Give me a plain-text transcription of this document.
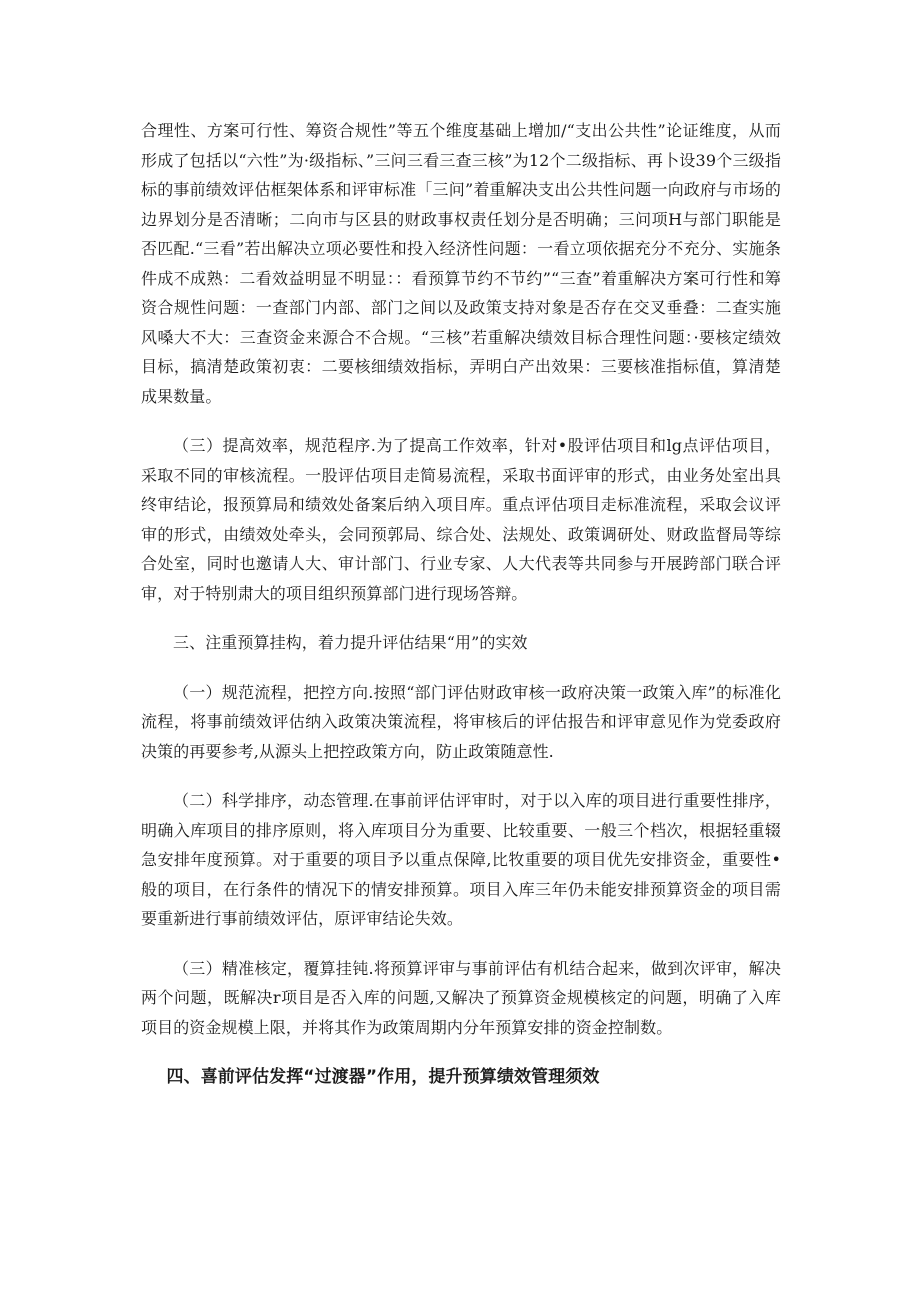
合理性、方案可行性、筹资合规性”等五个维度基础上增加/“支出公共性”论证维度，从而形成了包括以“六性”为·级指标、”三问三看三查三核”为12个二级指标、再卜设39个三级指标的事前绩效评估框架体系和评审标准「三问”着重解决支出公共性问题一向政府与市场的边界划分是否清晰；二向市与区县的财政事权责任划分是否明确；三问项H与部门职能是否匹配.“三看”若出解决立项必要性和投入经济性问题：一看立项依据充分不充分、实施条件成不成熟：二看效益明显不明显：：看预算节约不节约”“三查”着重解决方案可行性和筹资合规性问题：一查部门内部、部门之间以及政策支持对象是否存在交叉垂叠：二查实施风嗓大不大：三查资金来源合不合规。“三核”若重解决绩效目标合理性问题：·要核定绩效目标，搞清楚政策初衷：二要核细绩效指标，弄明白产出效果：三要核准指标值，算清楚成果数量。

（三）提高效率，规范程序.为了提高工作效率，针对•股评估项目和lg点评估项目，采取不同的审核流程。一股评估项目走简易流程，采取书面评审的形式，由业务处室出具终审结论，报预算局和绩效处备案后纳入项目库。重点评估项目走标准流程，采取会议评审的形式，由绩效处牵头，会同预郭局、综合处、法规处、政策调研处、财政监督局等综合处室，同时也邀请人大、审计部门、行业专家、人大代表等共同参与开展跨部门联合评审，对于特别肃大的项目组织预算部门进行现场答辩。

三、注重预算挂构，着力提升评估结果“用”的实效

（一）规范流程，把控方向.按照“部门评估财政审核一政府决策一政策入库”的标准化流程，将事前绩效评估纳入政策决策流程，将审核后的评估报告和评审意见作为党委政府决策的再要参考,从源头上把控政策方向，防止政策随意性.

（二）科学排序，动态管理.在事前评估评审时，对于以入库的项目进行重要性排序，明确入库项目的排序原则，将入库项目分为重要、比较重要、一般三个档次，根据轻重辍急安排年度预算。对于重要的项目予以重点保障,比牧重要的项目优先安排资金，重要性•般的项目，在行条件的情况下的情安排预算。项目入库三年仍未能安排预算资金的项目需要重新进行事前绩效评估，原评审结论失效。

（三）精准核定，覆算挂钝.将预算评审与事前评估有机结合起来，做到次评审，解决两个问题，既解决r项目是否入库的问题,又解决了预算资金规模核定的问题，明确了入库项目的资金规模上限，并将其作为政策周期内分年预算安排的资金控制数。

四、喜前评估发挥“过渡器”作用，提升预算绩效管理须效
